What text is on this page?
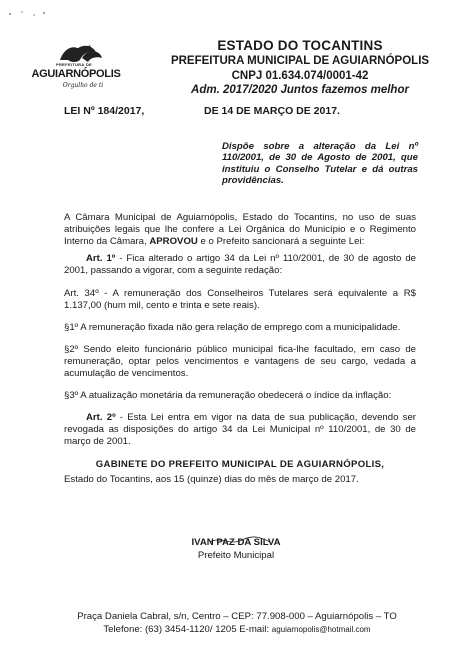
PREFEITURA DE
AGUIARNÓPOLIS
Orgulho de ti
ESTADO DO TOCANTINS
PREFEITURA MUNICIPAL DE AGUIARNÓPOLIS
CNPJ 01.634.074/0001-42
Adm. 2017/2020 Juntos fazemos melhor
LEI Nº 184/2017,	DE 14 DE MARÇO DE 2017.
Dispõe sobre a alteração da Lei nº 110/2001, de 30 de Agosto de 2001, que instituiu o Conselho Tutelar e dá outras providências.

A Câmara Municipal de Aguiarnópolis, Estado do Tocantins, no uso de suas atribuições legais que lhe confere a Lei Orgânica do Município e o Regimento Interno da Câmara, APROVOU e o Prefeito sancionará a seguinte Lei:

Art. 1º - Fica alterado o artigo 34 da Lei nº 110/2001, de 30 de agosto de 2001, passando a vigorar, com a seguinte redação:

Art. 34º - A remuneração dos Conselheiros Tutelares será equivalente a R$ 1.137,00 (hum mil, cento e trinta e sete reais).

§1º A remuneração fixada não gera relação de emprego com a municipalidade.

§2º Sendo eleito funcionário público municipal fica-lhe facultado, em caso de remuneração, optar pelos vencimentos e vantagens de seu cargo, vedada a acumulação de vencimentos.

§3º A atualização monetária da remuneração obedecerá o índice da inflação:

Art. 2º - Esta Lei entra em vigor na data de sua publicação, devendo ser revogada as disposições do artigo 34 da Lei Municipal nº 110/2001, de 30 de março de 2001.

GABINETE DO PREFEITO MUNICIPAL DE AGUIARNÓPOLIS,
Estado do Tocantins, aos 15 (quinze) dias do mês de março de 2017.
IVAN PAZ DA SILVA
Prefeito Municipal
Praça Daniela Cabral, s/n, Centro – CEP: 77.908-000 – Aguiarnópolis – TO
Telefone: (63) 3454-1120/ 1205 E-mail: aguiarnopolis@hotmail.com
